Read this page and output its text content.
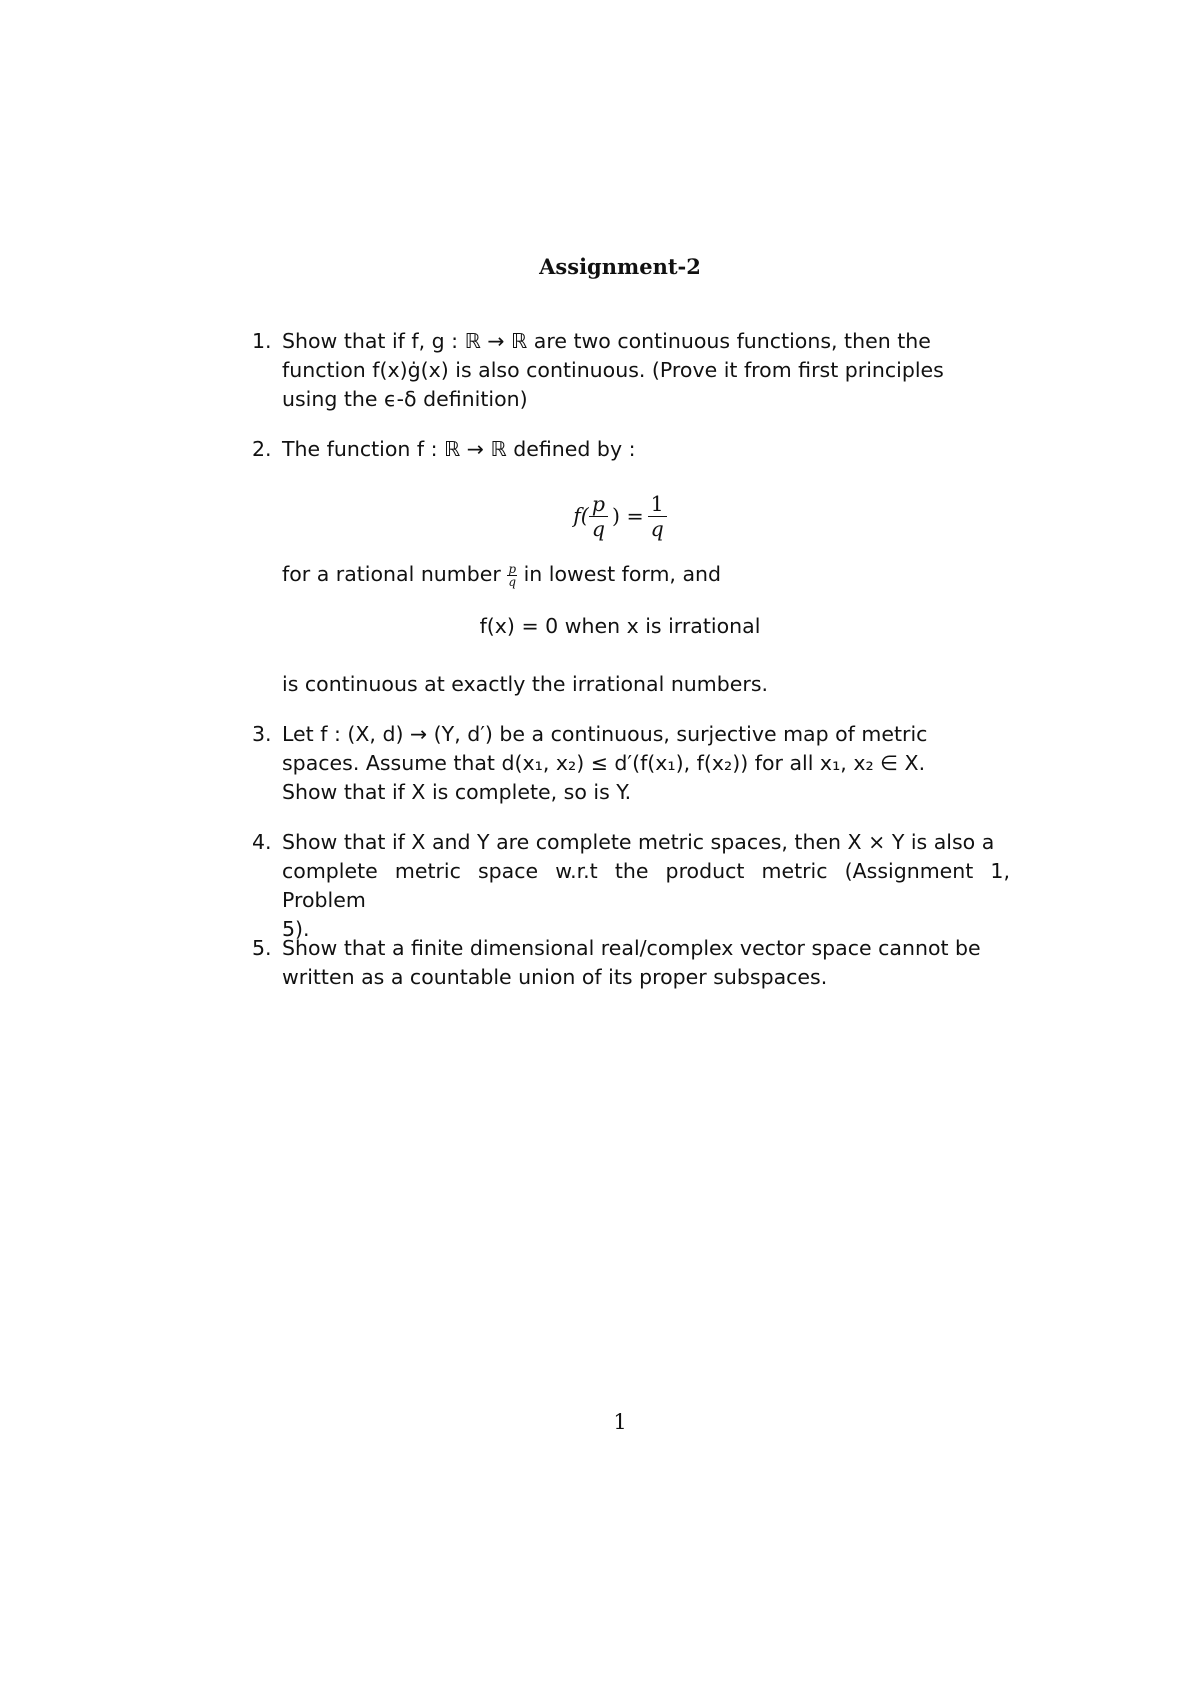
Assignment-2
1. Show that if f, g : ℝ → ℝ are two continuous functions, then the
function f(x)ġ(x) is also continuous. (Prove it from first principles
using the ϵ-δ definition)
2. The function f : ℝ → ℝ defined by :
$f( \frac{p}{q}$ ) = $\frac{1}{q}$
for a rational number $\frac{p}{q}$ in lowest form, and
f(x) = 0 when x is irrational
is continuous at exactly the irrational numbers.
3. Let f : (X, d) → (Y, d′) be a continuous, surjective map of metric
spaces. Assume that d(x₁, x₂) ≤ d′(f(x₁), f(x₂)) for all x₁, x₂ ∈ X.
Show that if X is complete, so is Y.
4. Show that if X and Y are complete metric spaces, then X × Y is also a
complete metric space w.r.t the product metric (Assignment 1, Problem
5).
5. Show that a finite dimensional real/complex vector space cannot be
written as a countable union of its proper subspaces.
1
